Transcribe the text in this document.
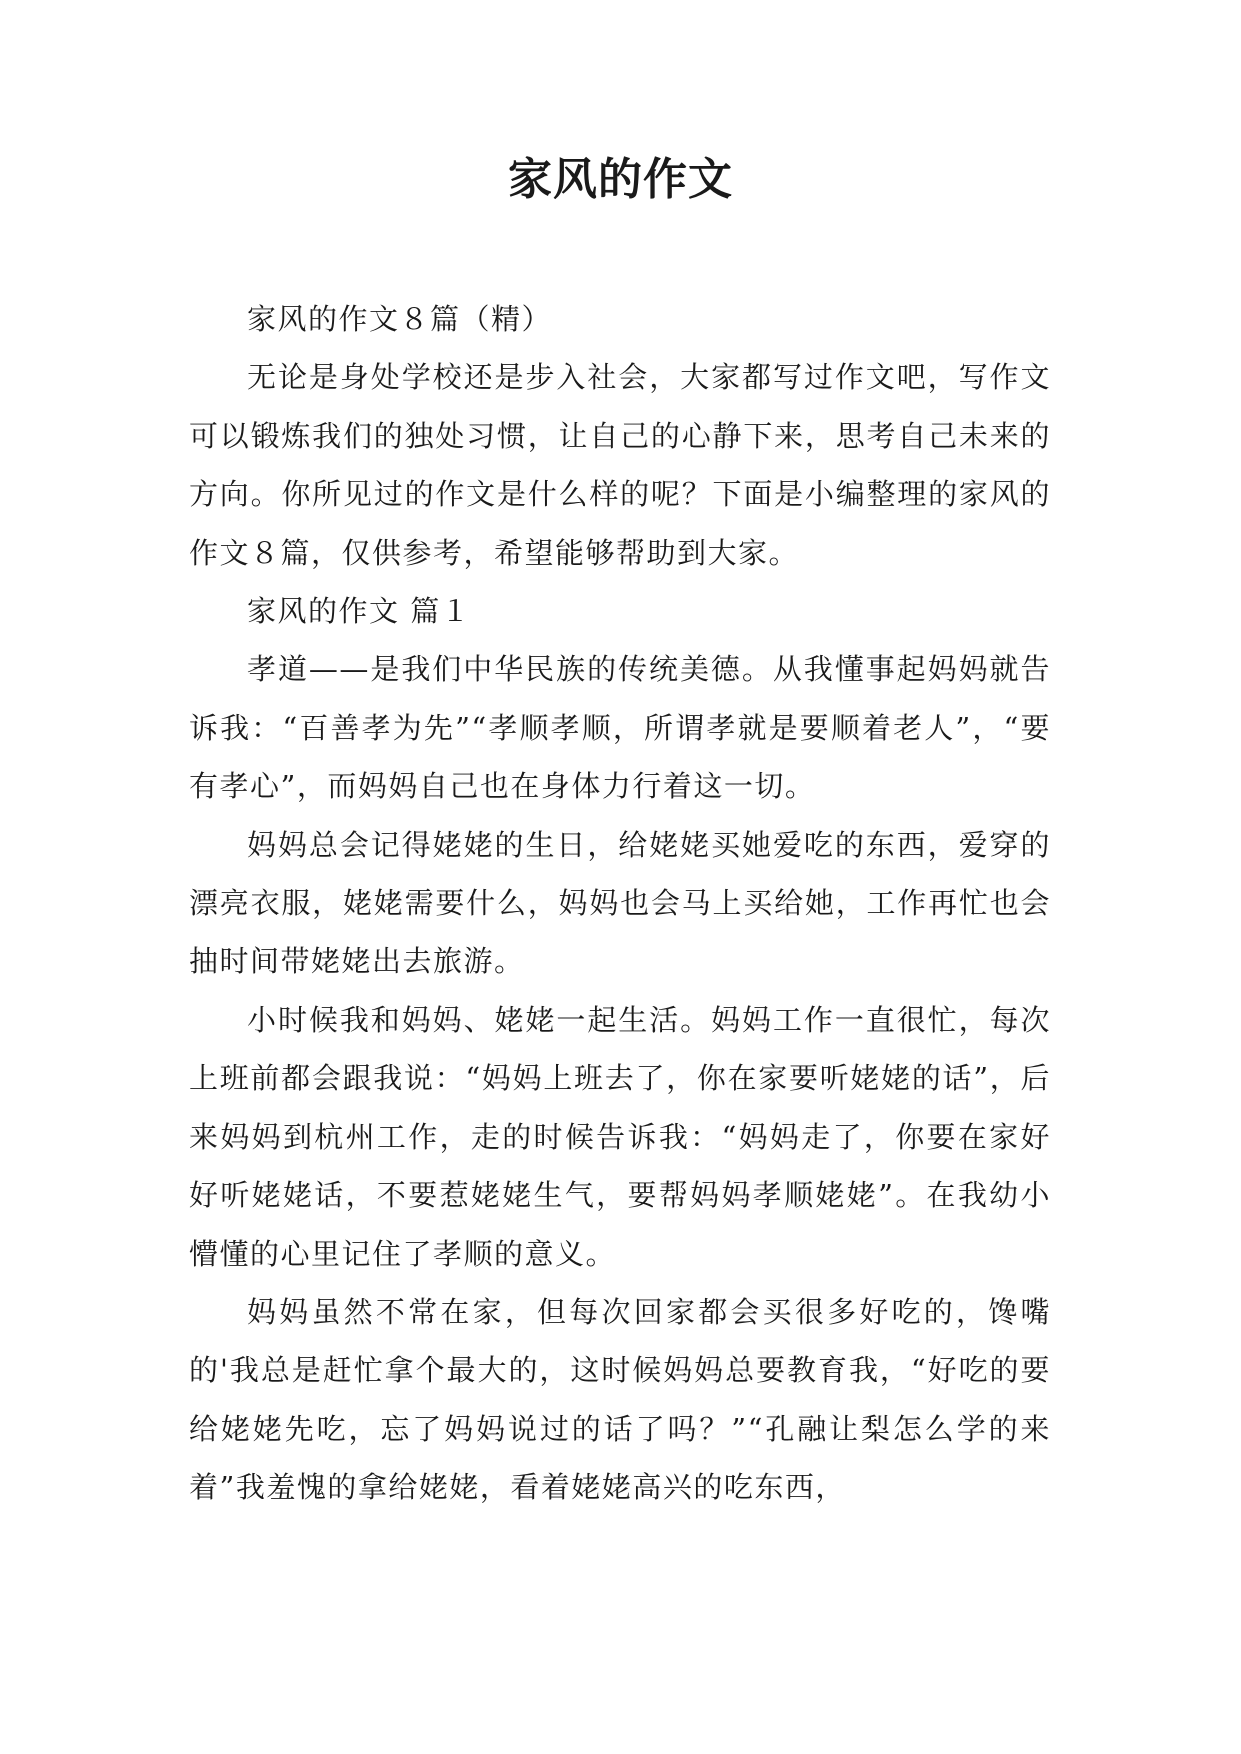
家风的作文

家风的作文８篇（精）

无论是身处学校还是步入社会，大家都写过作文吧，写作文可以锻炼我们的独处习惯，让自己的心静下来，思考自己未来的方向。你所见过的作文是什么样的呢？下面是小编整理的家风的作文８篇，仅供参考，希望能够帮助到大家。

家风的作文 篇１

孝道——是我们中华民族的传统美德。从我懂事起妈妈就告诉我：“百善孝为先”“孝顺孝顺，所谓孝就是要顺着老人”，“要有孝心”，而妈妈自己也在身体力行着这一切。

妈妈总会记得姥姥的生日，给姥姥买她爱吃的东西，爱穿的漂亮衣服，姥姥需要什么，妈妈也会马上买给她，工作再忙也会抽时间带姥姥出去旅游。

小时候我和妈妈、姥姥一起生活。妈妈工作一直很忙，每次上班前都会跟我说：“妈妈上班去了，你在家要听姥姥的话”，后来妈妈到杭州工作，走的时候告诉我：“妈妈走了，你要在家好好听姥姥话，不要惹姥姥生气，要帮妈妈孝顺姥姥”。在我幼小懵懂的心里记住了孝顺的意义。

妈妈虽然不常在家，但每次回家都会买很多好吃的，馋嘴的'我总是赶忙拿个最大的，这时候妈妈总要教育我，“好吃的要给姥姥先吃，忘了妈妈说过的话了吗？”“孔融让梨怎么学的来着”我羞愧的拿给姥姥，看着姥姥高兴的吃东西，
